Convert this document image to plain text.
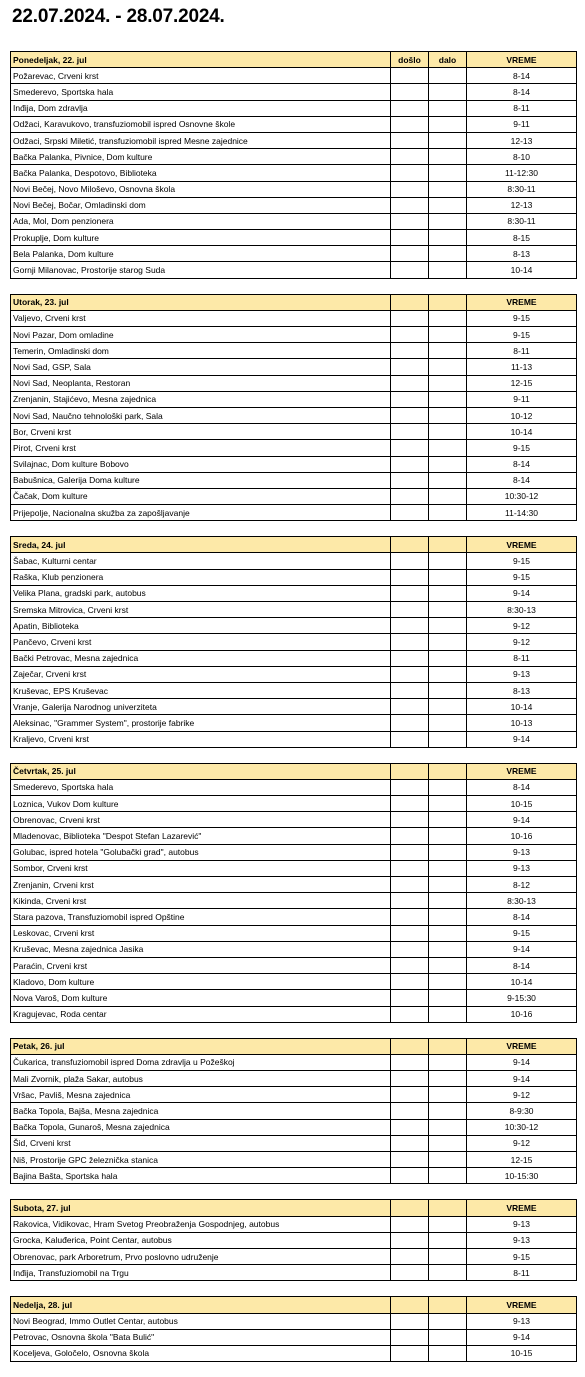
22.07.2024. - 28.07.2024.
Ponedeljak, 22. jul	došlo	dalo	VREME
Požarevac, Crveni krst			8-14
Smederevo, Sportska hala			8-14
Inđija, Dom zdravlja			8-11
Odžaci, Karavukovo, transfuziomobil ispred Osnovne škole			9-11
Odžaci, Srpski Miletić, transfuziomobil ispred Mesne zajednice			12-13
Bačka Palanka, Pivnice, Dom kulture			8-10
Bačka Palanka, Despotovo, Biblioteka			11-12:30
Novi Bečej, Novo Miloševo, Osnovna škola			8:30-11
Novi Bečej, Bočar, Omladinski dom			12-13
Ada, Mol, Dom penzionera			8:30-11
Prokuplje, Dom kulture			8-15
Bela Palanka, Dom kulture			8-13
Gornji Milanovac, Prostorije starog Suda			10-14
Utorak, 23. jul			VREME
Valjevo, Crveni krst			9-15
Novi Pazar, Dom omladine			9-15
Temerin, Omladinski dom			8-11
Novi Sad, GSP, Sala			11-13
Novi Sad, Neoplanta, Restoran			12-15
Zrenjanin, Stajićevo, Mesna zajednica			9-11
Novi Sad, Naučno tehnološki park, Sala			10-12
Bor, Crveni krst			10-14
Pirot, Crveni krst			9-15
Svilajnac, Dom kulture Bobovo			8-14
Babušnica, Galerija Doma kulture			8-14
Čačak, Dom kulture			10:30-12
Prijepolje, Nacionalna skužba za zapošljavanje			11-14:30
Sreda, 24. jul			VREME
Šabac, Kulturni centar			9-15
Raška, Klub penzionera			9-15
Velika Plana, gradski park, autobus			9-14
Sremska Mitrovica, Crveni krst			8:30-13
Apatin, Biblioteka			9-12
Pančevo, Crveni krst			9-12
Bački Petrovac, Mesna zajednica			8-11
Zaječar, Crveni krst			9-13
Kruševac, EPS Kruševac			8-13
Vranje, Galerija Narodnog univerziteta			10-14
Aleksinac, "Grammer System", prostorije fabrike			10-13
Kraljevo, Crveni krst			9-14
Četvrtak, 25. jul			VREME
Smederevo, Sportska hala			8-14
Loznica, Vukov Dom kulture			10-15
Obrenovac, Crveni krst			9-14
Mladenovac, Biblioteka "Despot Stefan Lazarević"			10-16
Golubac, ispred hotela "Golubački grad", autobus			9-13
Sombor, Crveni krst			9-13
Zrenjanin, Crveni krst			8-12
Kikinda, Crveni krst			8:30-13
Stara pazova, Transfuziomobil ispred Opštine			8-14
Leskovac, Crveni krst			9-15
Kruševac, Mesna zajednica Jasika			9-14
Paraćin, Crveni krst			8-14
Kladovo, Dom kulture			10-14
Nova Varoš, Dom kulture			9-15:30
Kragujevac, Roda centar			10-16
Petak, 26. jul			VREME
Čukarica, transfuziomobil ispred Doma zdravlja u Požeškoj			9-14
Mali Zvornik, plaža Sakar, autobus			9-14
Vršac, Pavliš, Mesna zajednica			9-12
Bačka Topola, Bajša, Mesna zajednica			8-9:30
Bačka Topola, Gunaroš, Mesna zajednica			10:30-12
Šid, Crveni krst			9-12
Niš, Prostorije GPC železnička stanica			12-15
Bajina Bašta, Sportska hala			10-15:30
Subota, 27. jul			VREME
Rakovica, Vidikovac, Hram Svetog Preobraženja Gospodnjeg, autobus			9-13
Grocka, Kaluđerica, Point Centar, autobus			9-13
Obrenovac, park Arboretrum, Prvo poslovno udruženje			9-15
Inđija, Transfuziomobil na Trgu			8-11
Nedelja, 28. jul			VREME
Novi Beograd, Immo Outlet Centar, autobus			9-13
Petrovac, Osnovna škola "Bata Bulić"			9-14
Koceljeva, Goločelo, Osnovna škola			10-15
